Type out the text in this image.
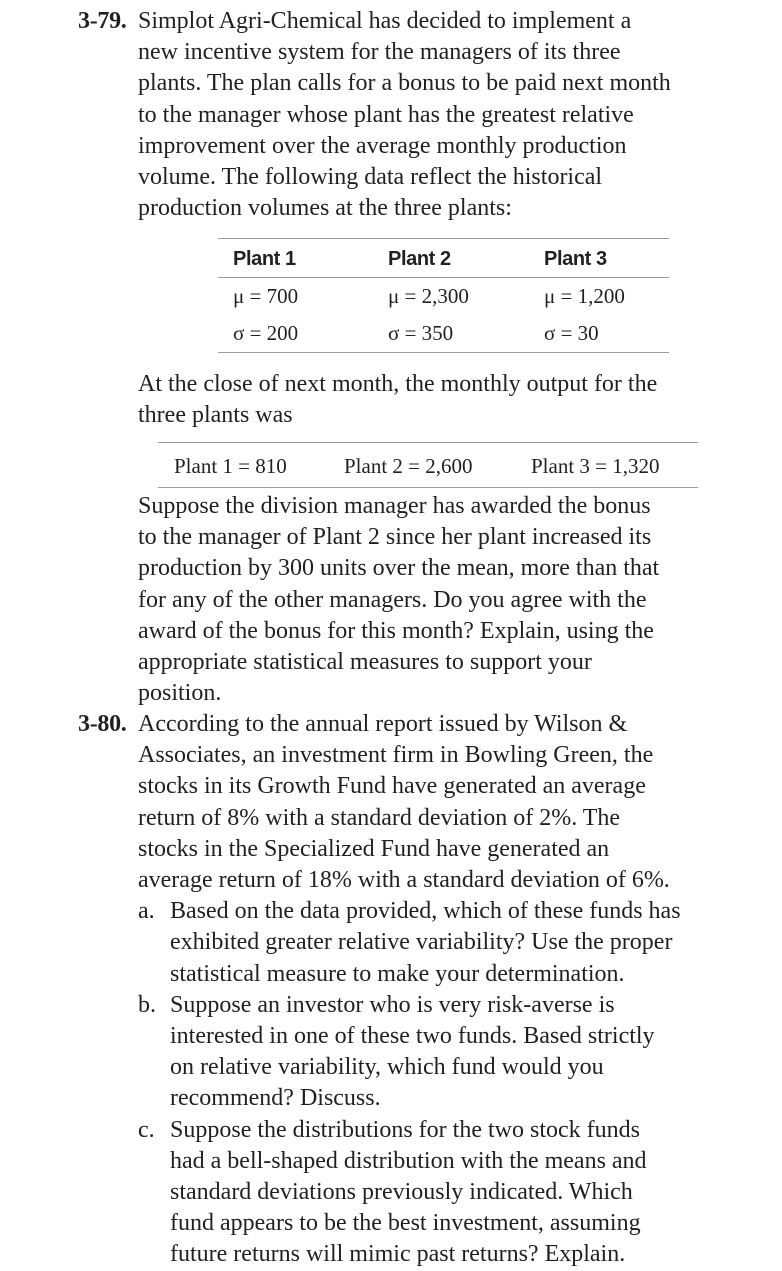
3-79. Simplot Agri-Chemical has decided to implement a
new incentive system for the managers of its three
plants. The plan calls for a bonus to be paid next month
to the manager whose plant has the greatest relative
improvement over the average monthly production
volume. The following data reflect the historical
production volumes at the three plants:
Plant 1	Plant 2	Plant 3
μ = 700	μ = 2,300	μ = 1,200
σ = 200	σ = 350	σ = 30
At the close of next month, the monthly output for the
three plants was
Plant 1 = 810	Plant 2 = 2,600	Plant 3 = 1,320
Suppose the division manager has awarded the bonus
to the manager of Plant 2 since her plant increased its
production by 300 units over the mean, more than that
for any of the other managers. Do you agree with the
award of the bonus for this month? Explain, using the
appropriate statistical measures to support your
position.
3-80. According to the annual report issued by Wilson &
Associates, an investment firm in Bowling Green, the
stocks in its Growth Fund have generated an average
return of 8% with a standard deviation of 2%. The
stocks in the Specialized Fund have generated an
average return of 18% with a standard deviation of 6%.
a. Based on the data provided, which of these funds has
exhibited greater relative variability? Use the proper
statistical measure to make your determination.
b. Suppose an investor who is very risk-averse is
interested in one of these two funds. Based strictly
on relative variability, which fund would you
recommend? Discuss.
c. Suppose the distributions for the two stock funds
had a bell-shaped distribution with the means and
standard deviations previously indicated. Which
fund appears to be the best investment, assuming
future returns will mimic past returns? Explain.
